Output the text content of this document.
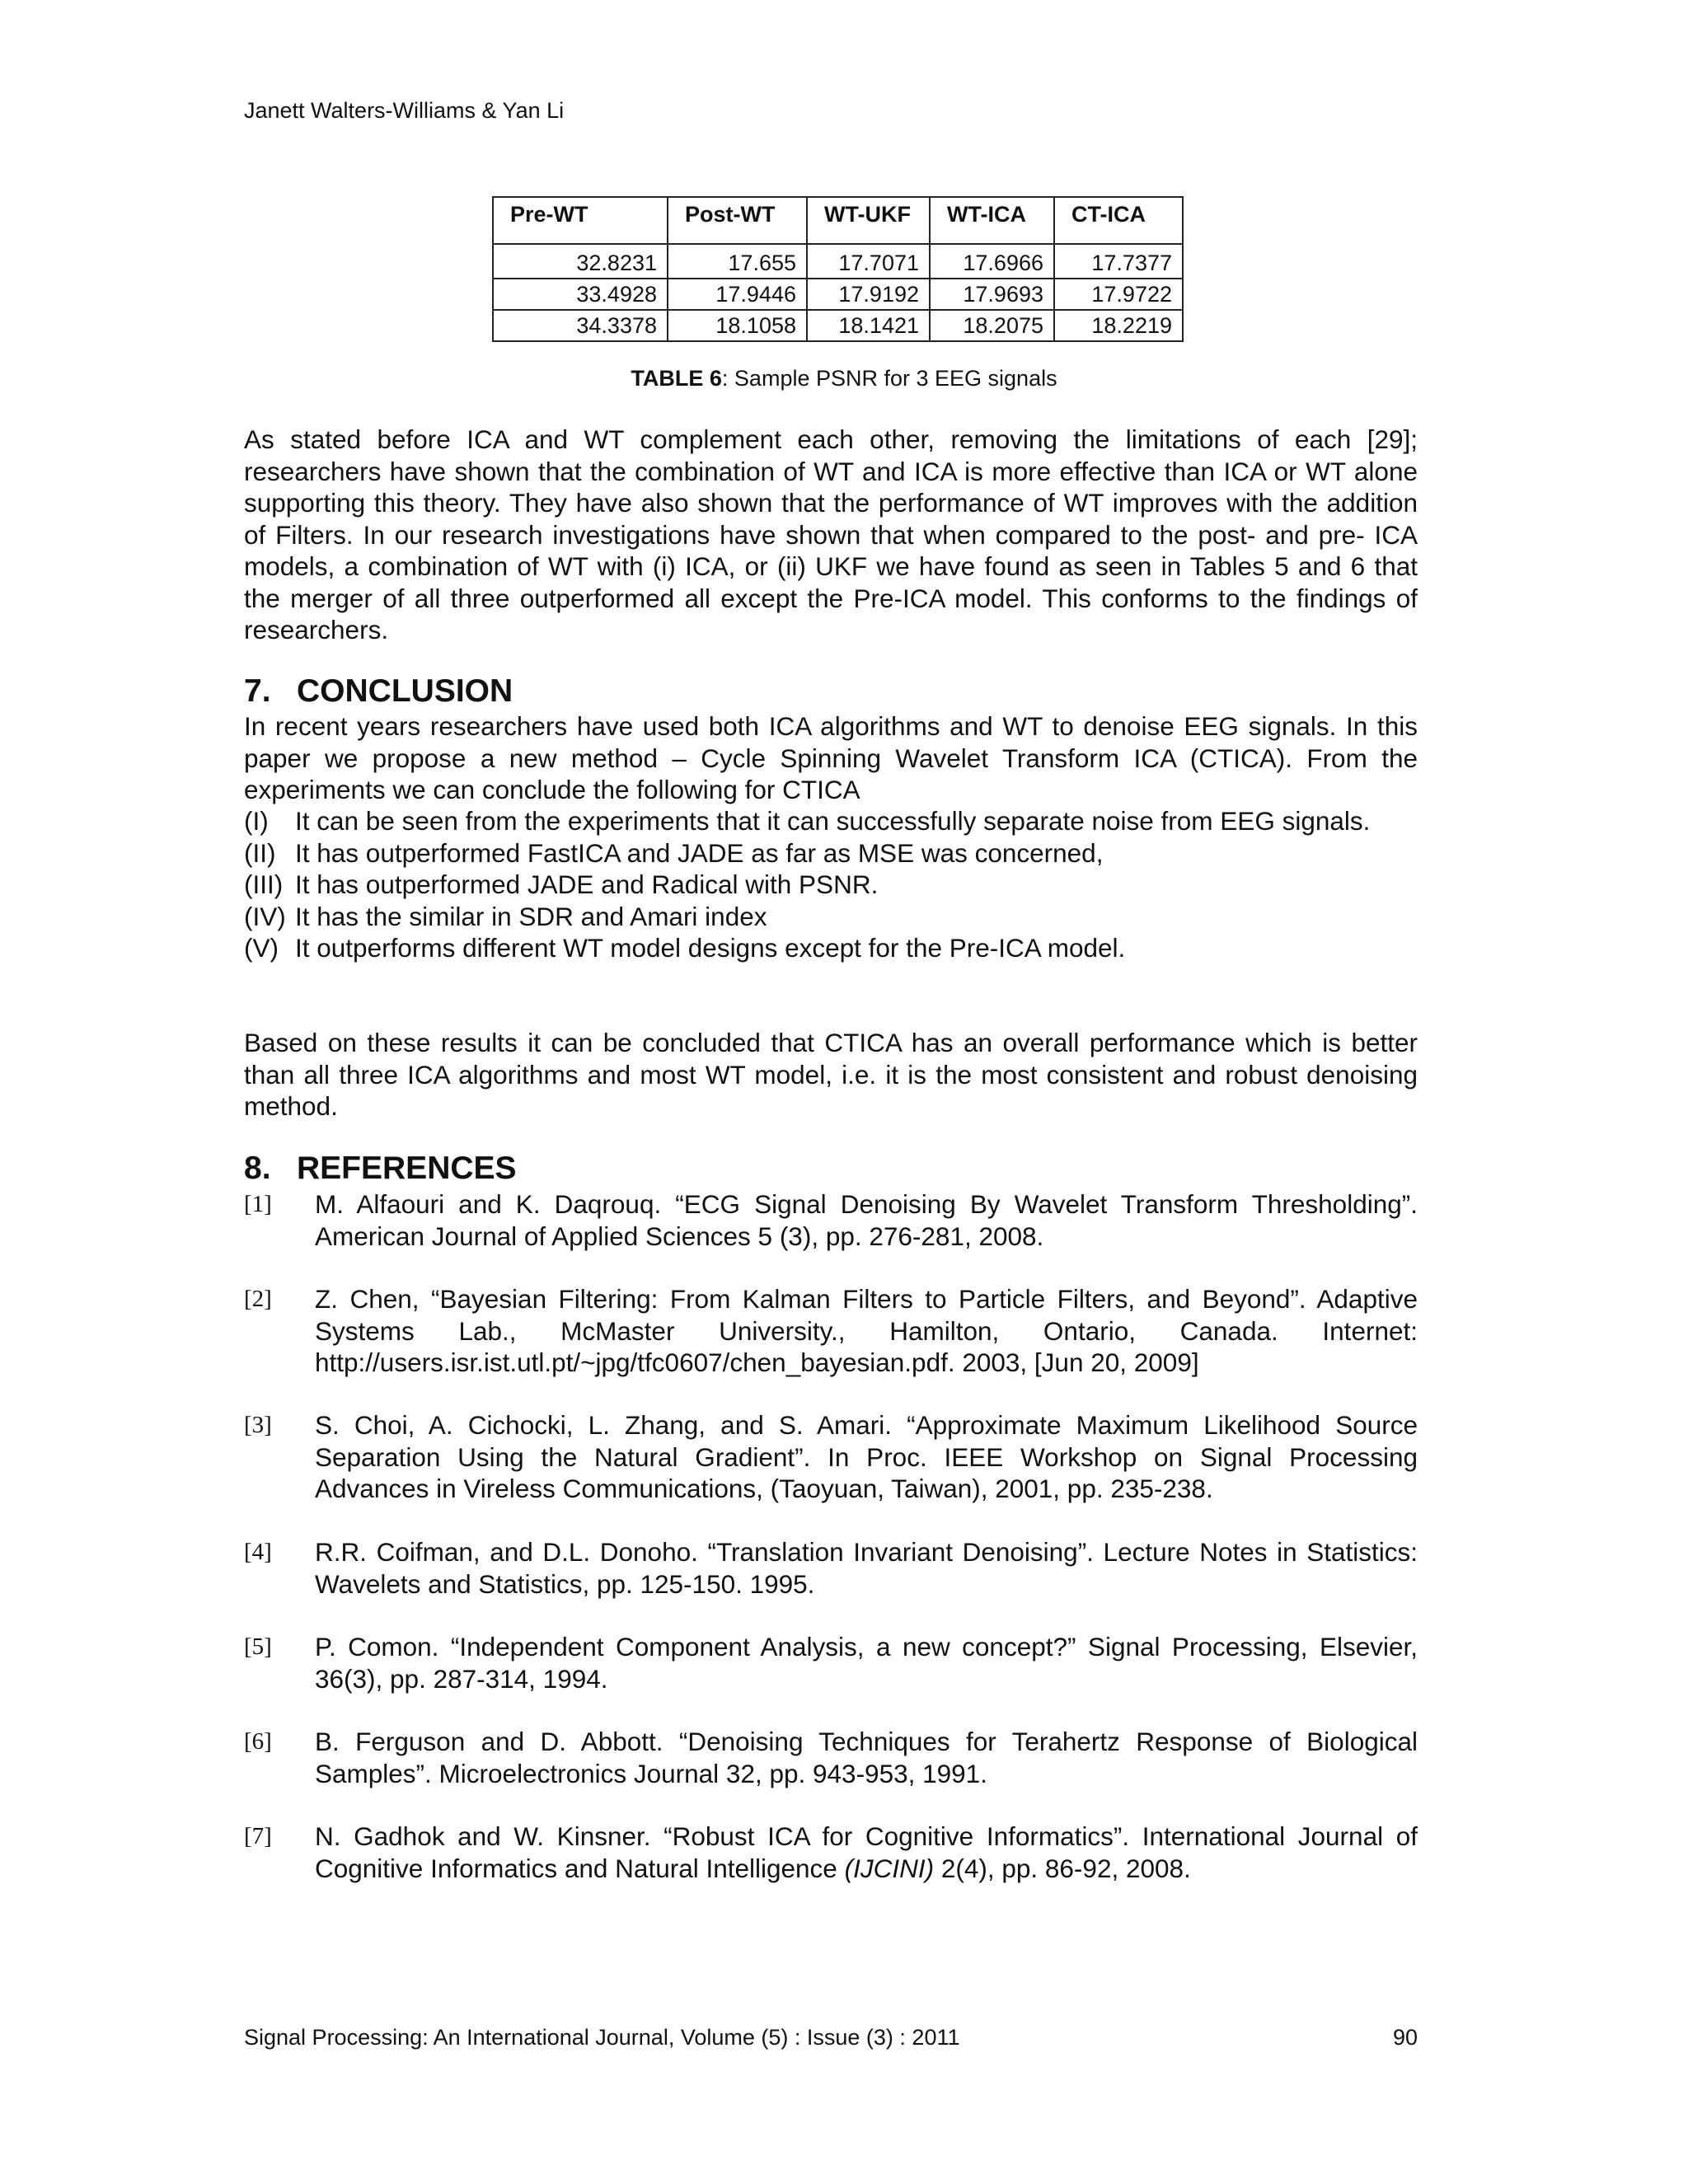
Janett Walters-Williams & Yan Li
Pre-WT	Post-WT	WT-UKF	WT-ICA	CT-ICA
32.8231	17.655	17.7071	17.6966	17.7377
33.4928	17.9446	17.9192	17.9693	17.9722
34.3378	18.1058	18.1421	18.2075	18.2219
TABLE 6: Sample PSNR for 3 EEG signals

As stated before ICA and WT complement each other, removing the limitations of each [29]; researchers have shown that the combination of WT and ICA is more effective than ICA or WT alone supporting this theory. They have also shown that the performance of WT improves with the addition of Filters. In our research investigations have shown that when compared to the post- and pre- ICA models, a combination of WT with (i) ICA, or (ii) UKF we have found as seen in Tables 5 and 6 that the merger of all three outperformed all except the Pre-ICA model. This conforms to the findings of researchers.

7. CONCLUSION

In recent years researchers have used both ICA algorithms and WT to denoise EEG signals. In this paper we propose a new method – Cycle Spinning Wavelet Transform ICA (CTICA). From the experiments we can conclude the following for CTICA

(I)	It can be seen from the experiments that it can successfully separate noise from EEG signals.
(II) It has outperformed FastICA and JADE as far as MSE was concerned,
(III) It has outperformed JADE and Radical with PSNR.
(IV) It has the similar in SDR and Amari index
(V) It outperforms different WT model designs except for the Pre-ICA model.

Based on these results it can be concluded that CTICA has an overall performance which is better than all three ICA algorithms and most WT model, i.e. it is the most consistent and robust denoising method.

8. REFERENCES
[1]	M. Alfaouri and K. Daqrouq. “ECG Signal Denoising By Wavelet Transform Thresholding”. American Journal of Applied Sciences 5 (3), pp. 276-281, 2008.
[2]	Z. Chen, “Bayesian Filtering: From Kalman Filters to Particle Filters, and Beyond”. Adaptive Systems Lab., McMaster University., Hamilton, Ontario, Canada. Internet: http://users.isr.ist.utl.pt/~jpg/tfc0607/chen_bayesian.pdf. 2003, [Jun 20, 2009]
[3]	S. Choi, A. Cichocki, L. Zhang, and S. Amari. “Approximate Maximum Likelihood Source Separation Using the Natural Gradient”. In Proc. IEEE Workshop on Signal Processing Advances in Vireless Communications, (Taoyuan, Taiwan), 2001, pp. 235-238.
[4]	R.R. Coifman, and D.L. Donoho. “Translation Invariant Denoising”. Lecture Notes in Statistics: Wavelets and Statistics, pp. 125-150. 1995.
[5]	P. Comon. “Independent Component Analysis, a new concept?” Signal Processing, Elsevier, 36(3), pp. 287-314, 1994.
[6]	B. Ferguson and D. Abbott. “Denoising Techniques for Terahertz Response of Biological Samples”. Microelectronics Journal 32, pp. 943-953, 1991.
[7]	N. Gadhok and W. Kinsner. “Robust ICA for Cognitive Informatics”. International Journal of Cognitive Informatics and Natural Intelligence (IJCINI) 2(4), pp. 86-92, 2008.
Signal Processing: An International Journal, Volume (5) : Issue (3) : 2011	90
